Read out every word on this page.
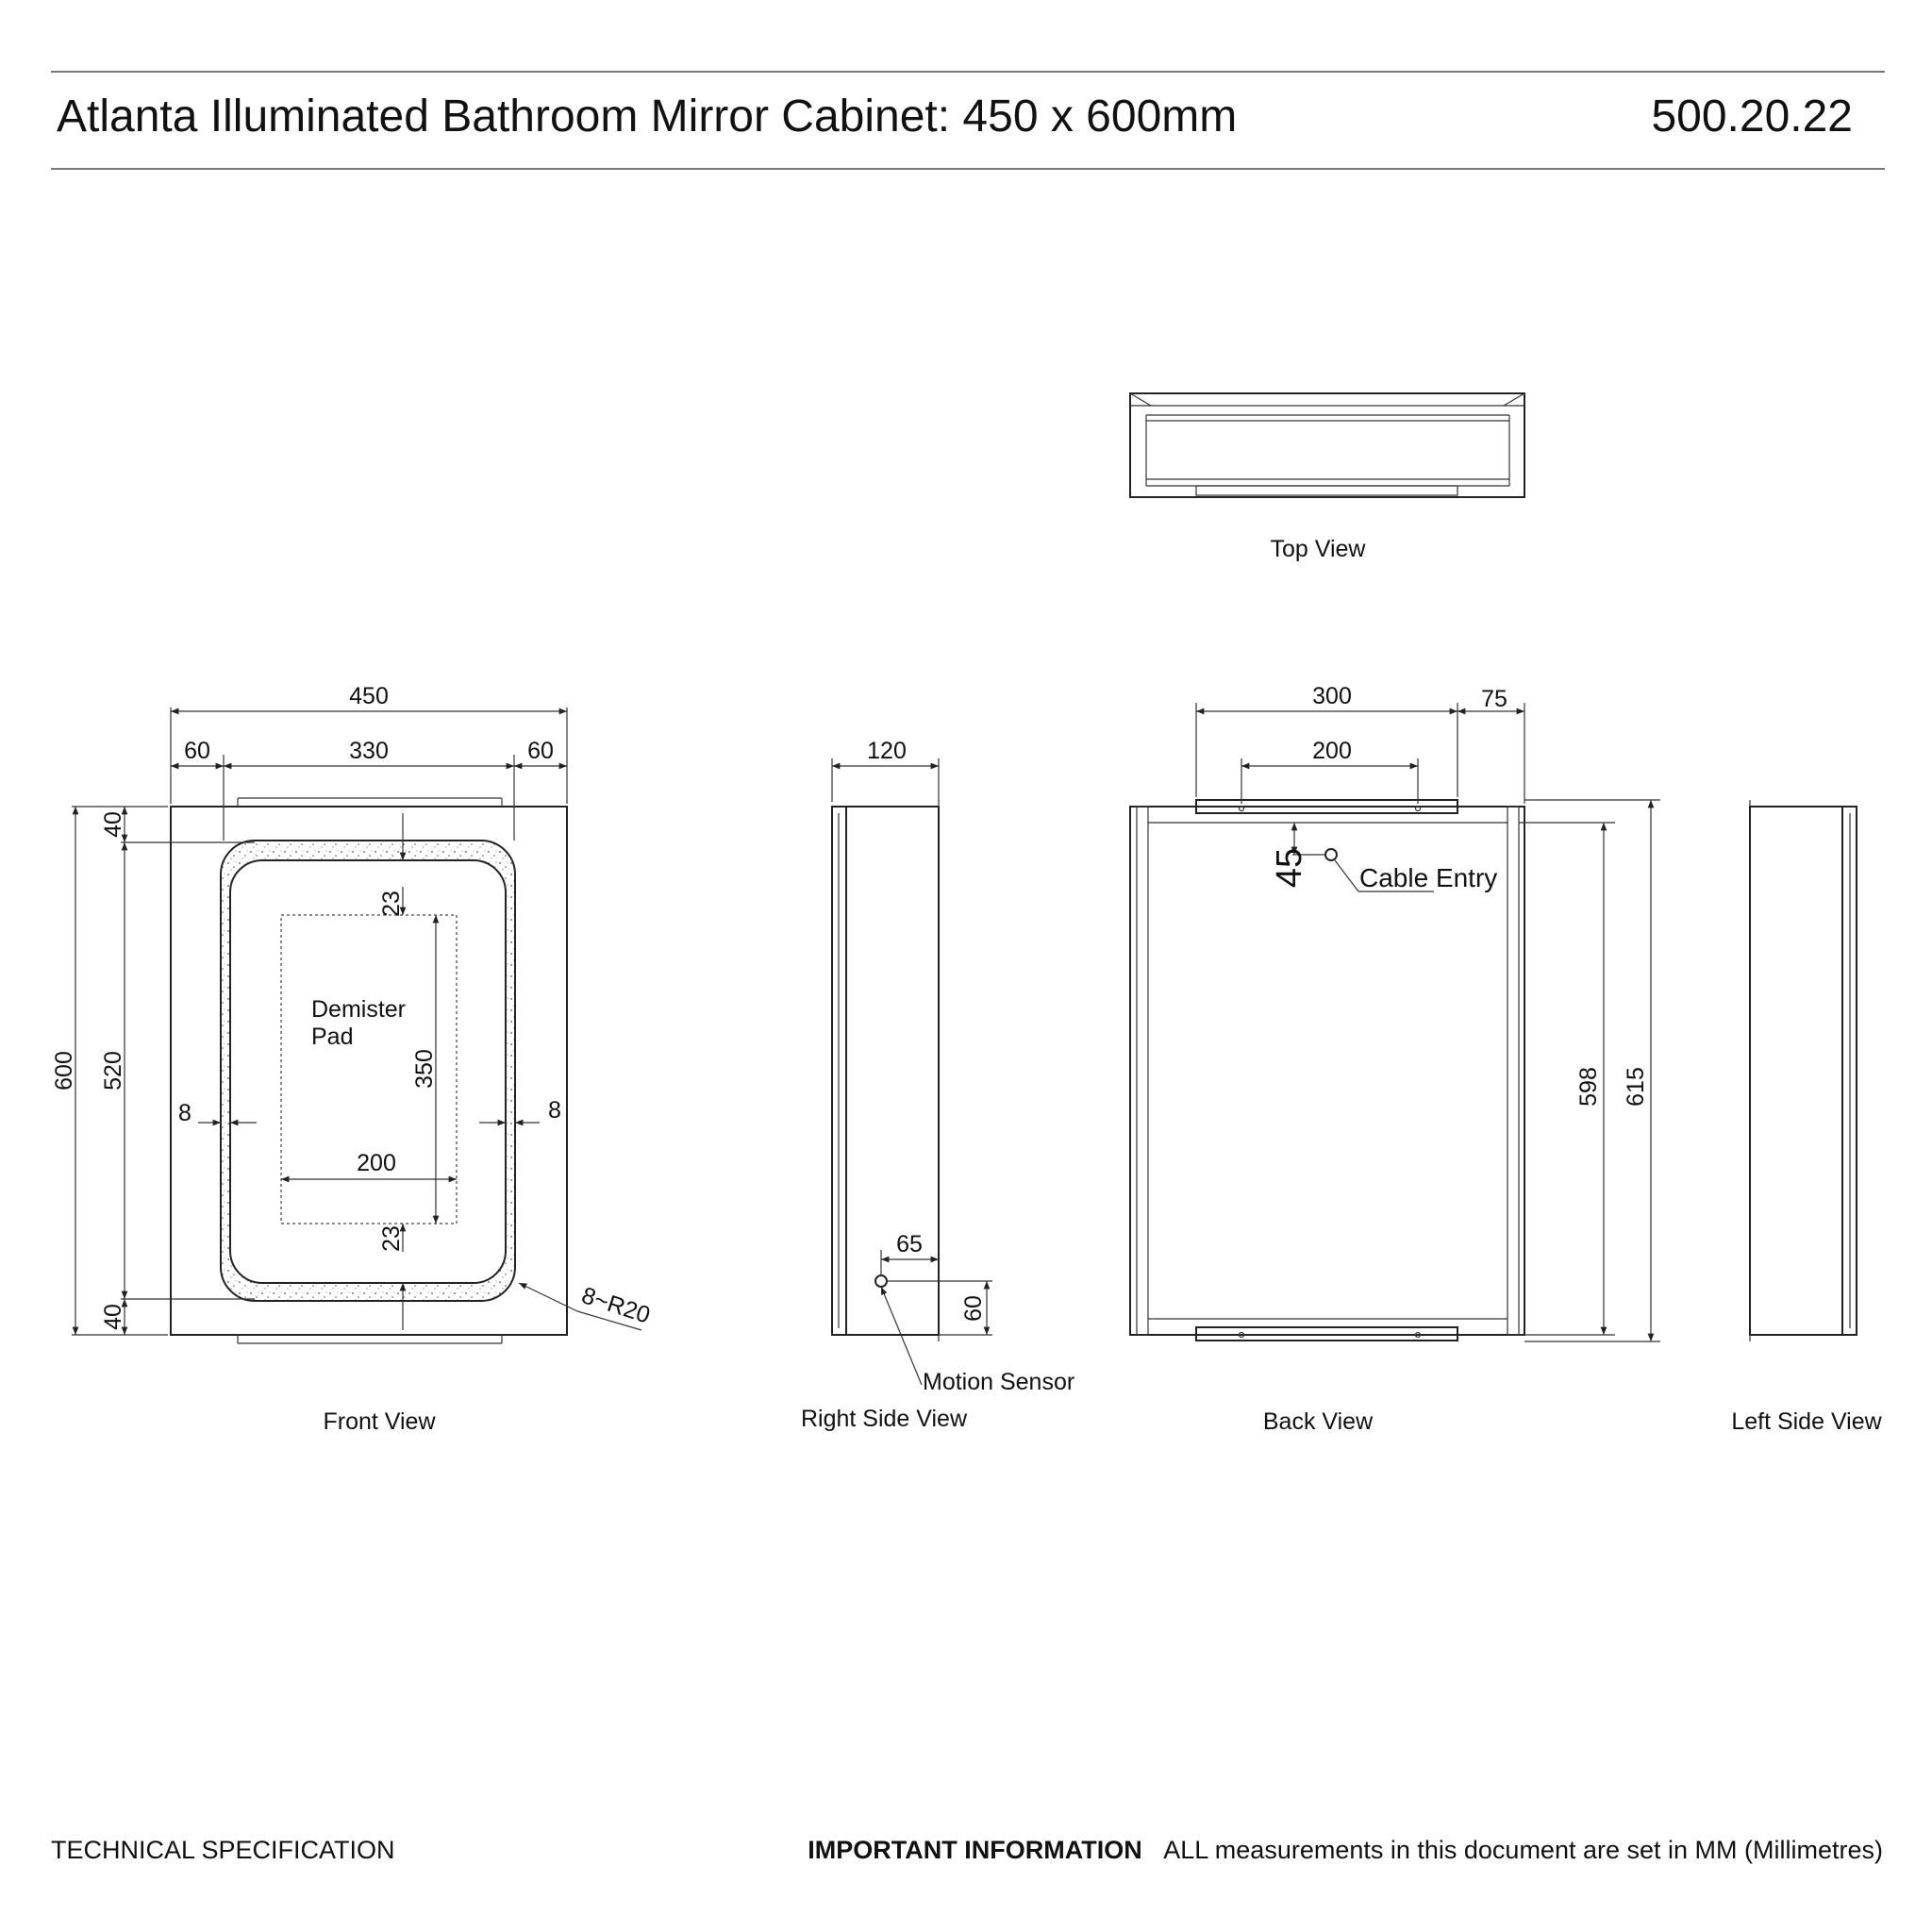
Atlanta Illuminated Bathroom Mirror Cabinet: 450 x 600mm	500.20.22
Top View
Demister
Pad
450
60	330	60
600
40
520
40
23
23
350
200
8	8
8~R20
Front View
120
65
60
Motion Sensor
Right Side View
300	75
200
45 Cable Entry
598 615
Back View	Left Side View
TECHNICAL SPECIFICATION	IMPORTANT INFORMATION ALL measurements in this document are set in MM (Millimetres)
